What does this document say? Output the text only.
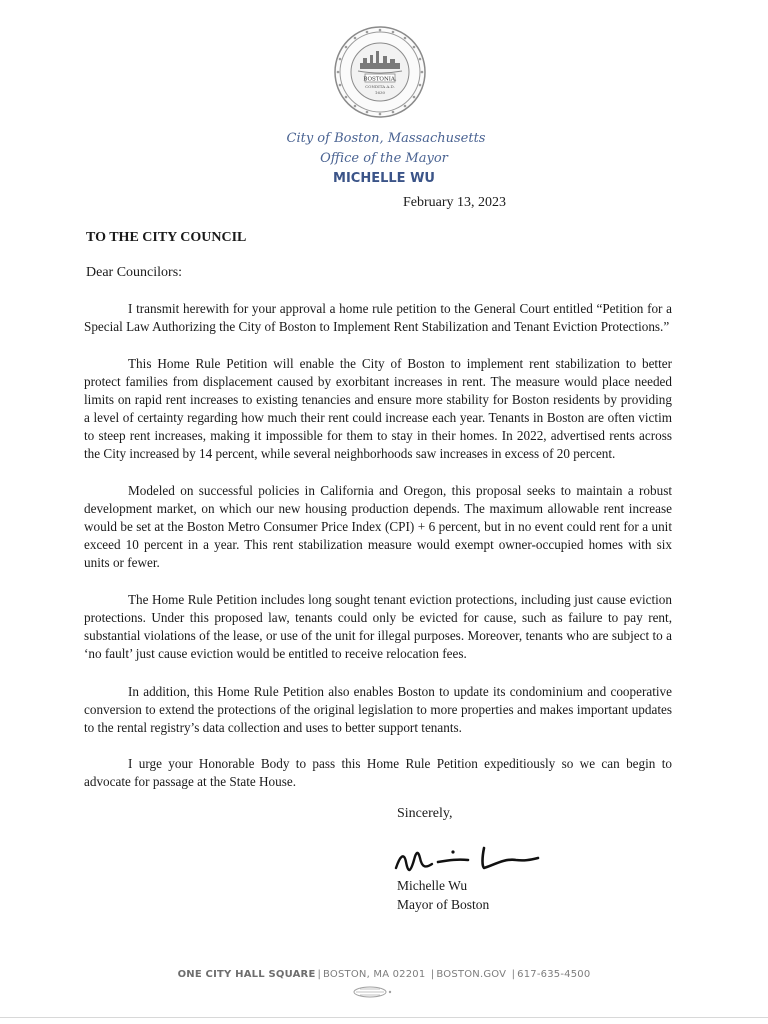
BOSTONIA.
CONDITA A.D.
1630
City of Boston, Massachusetts
Office of the Mayor
MICHELLE WU
February 13, 2023
TO THE CITY COUNCIL
Dear Councilors:

I transmit herewith for your approval a home rule petition to the General Court entitled “Petition for a Special Law Authorizing the City of Boston to Implement Rent Stabilization and Tenant Eviction Protections.”

This Home Rule Petition will enable the City of Boston to implement rent stabilization to better protect families from displacement caused by exorbitant increases in rent. The measure would place needed limits on rapid rent increases to existing tenancies and ensure more stability for Boston residents by providing a level of certainty regarding how much their rent could increase each year. Tenants in Boston are often victim to steep rent increases, making it impossible for them to stay in their homes. In 2022, advertised rents across the City increased by 14 percent, while several neighborhoods saw increases in excess of 20 percent.

Modeled on successful policies in California and Oregon, this proposal seeks to maintain a robust development market, on which our new housing production depends. The maximum allowable rent increase would be set at the Boston Metro Consumer Price Index (CPI) + 6 percent, but in no event could rent for a unit exceed 10 percent in a year. This rent stabilization measure would exempt owner-occupied homes with six units or fewer.

The Home Rule Petition includes long sought tenant eviction protections, including just cause eviction protections. Under this proposed law, tenants could only be evicted for cause, such as failure to pay rent, substantial violations of the lease, or use of the unit for illegal purposes. Moreover, tenants who are subject to a ‘no fault’ just cause eviction would be entitled to receive relocation fees.

In addition, this Home Rule Petition also enables Boston to update its condominium and cooperative conversion to extend the protections of the original legislation to more properties and makes important updates to the rental registry’s data collection and uses to better support tenants.

I urge your Honorable Body to pass this Home Rule Petition expeditiously so we can begin to advocate for passage at the State House.

Sincerely,
Michelle Wu
Mayor of Boston
ONE CITY HALL SQUARE | BOSTON, MA 02201 | BOSTON.GOV | 617-635-4500
